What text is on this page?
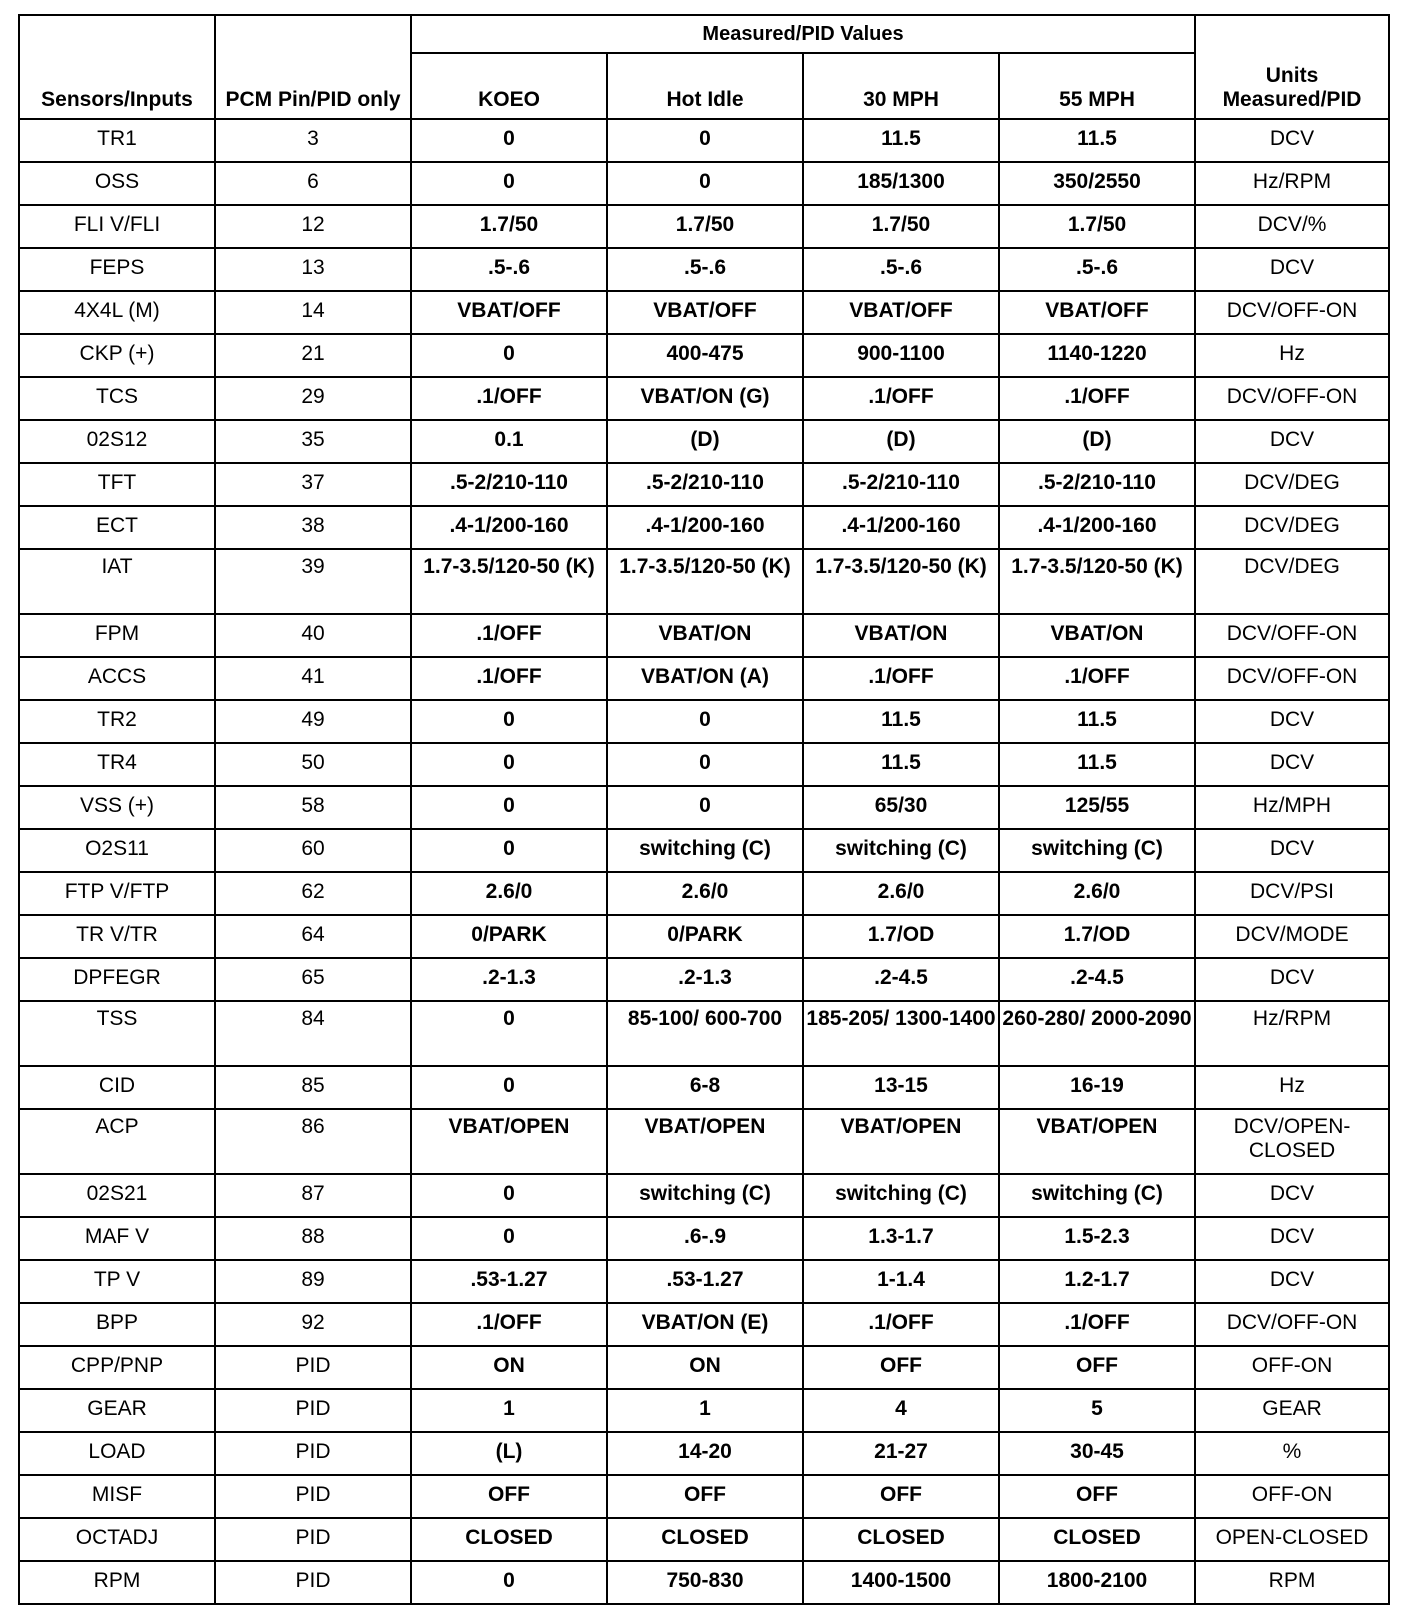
Sensors/Inputs	PCM Pin/PID only	Measured/PID Values				Units Measured/PID
		KOEO	Hot Idle	30 MPH	55 MPH	
TR1	3	0	0	11.5	11.5	DCV
OSS	6	0	0	185/1300	350/2550	Hz/RPM
FLI V/FLI	12	1.7/50	1.7/50	1.7/50	1.7/50	DCV/%
FEPS	13	.5-.6	.5-.6	.5-.6	.5-.6	DCV
4X4L (M)	14	VBAT/OFF	VBAT/OFF	VBAT/OFF	VBAT/OFF	DCV/OFF-ON
CKP (+)	21	0	400-475	900-1100	1140-1220	Hz
TCS	29	.1/OFF	VBAT/ON (G)	.1/OFF	.1/OFF	DCV/OFF-ON
02S12	35	0.1	(D)	(D)	(D)	DCV
TFT	37	.5-2/210-110	.5-2/210-110	.5-2/210-110	.5-2/210-110	DCV/DEG
ECT	38	.4-1/200-160	.4-1/200-160	.4-1/200-160	.4-1/200-160	DCV/DEG
IAT	39	1.7-3.5/120-50 (K)	1.7-3.5/120-50 (K)	1.7-3.5/120-50 (K)	1.7-3.5/120-50 (K)	DCV/DEG
FPM	40	.1/OFF	VBAT/ON	VBAT/ON	VBAT/ON	DCV/OFF-ON
ACCS	41	.1/OFF	VBAT/ON (A)	.1/OFF	.1/OFF	DCV/OFF-ON
TR2	49	0	0	11.5	11.5	DCV
TR4	50	0	0	11.5	11.5	DCV
VSS (+)	58	0	0	65/30	125/55	Hz/MPH
O2S11	60	0	switching (C)	switching (C)	switching (C)	DCV
FTP V/FTP	62	2.6/0	2.6/0	2.6/0	2.6/0	DCV/PSI
TR V/TR	64	0/PARK	0/PARK	1.7/OD	1.7/OD	DCV/MODE
DPFEGR	65	.2-1.3	.2-1.3	.2-4.5	.2-4.5	DCV
TSS	84	0	85-100/ 600-700	185-205/ 1300-1400	260-280/ 2000-2090	Hz/RPM
CID	85	0	6-8	13-15	16-19	Hz
ACP	86	VBAT/OPEN	VBAT/OPEN	VBAT/OPEN	VBAT/OPEN	DCV/OPEN- CLOSED
02S21	87	0	switching (C)	switching (C)	switching (C)	DCV
MAF V	88	0	.6-.9	1.3-1.7	1.5-2.3	DCV
TP V	89	.53-1.27	.53-1.27	1-1.4	1.2-1.7	DCV
BPP	92	.1/OFF	VBAT/ON (E)	.1/OFF	.1/OFF	DCV/OFF-ON
CPP/PNP	PID	ON	ON	OFF	OFF	OFF-ON
GEAR	PID	1	1	4	5	GEAR
LOAD	PID	(L)	14-20	21-27	30-45	%
MISF	PID	OFF	OFF	OFF	OFF	OFF-ON
OCTADJ	PID	CLOSED	CLOSED	CLOSED	CLOSED	OPEN-CLOSED
RPM	PID	0	750-830	1400-1500	1800-2100	RPM
